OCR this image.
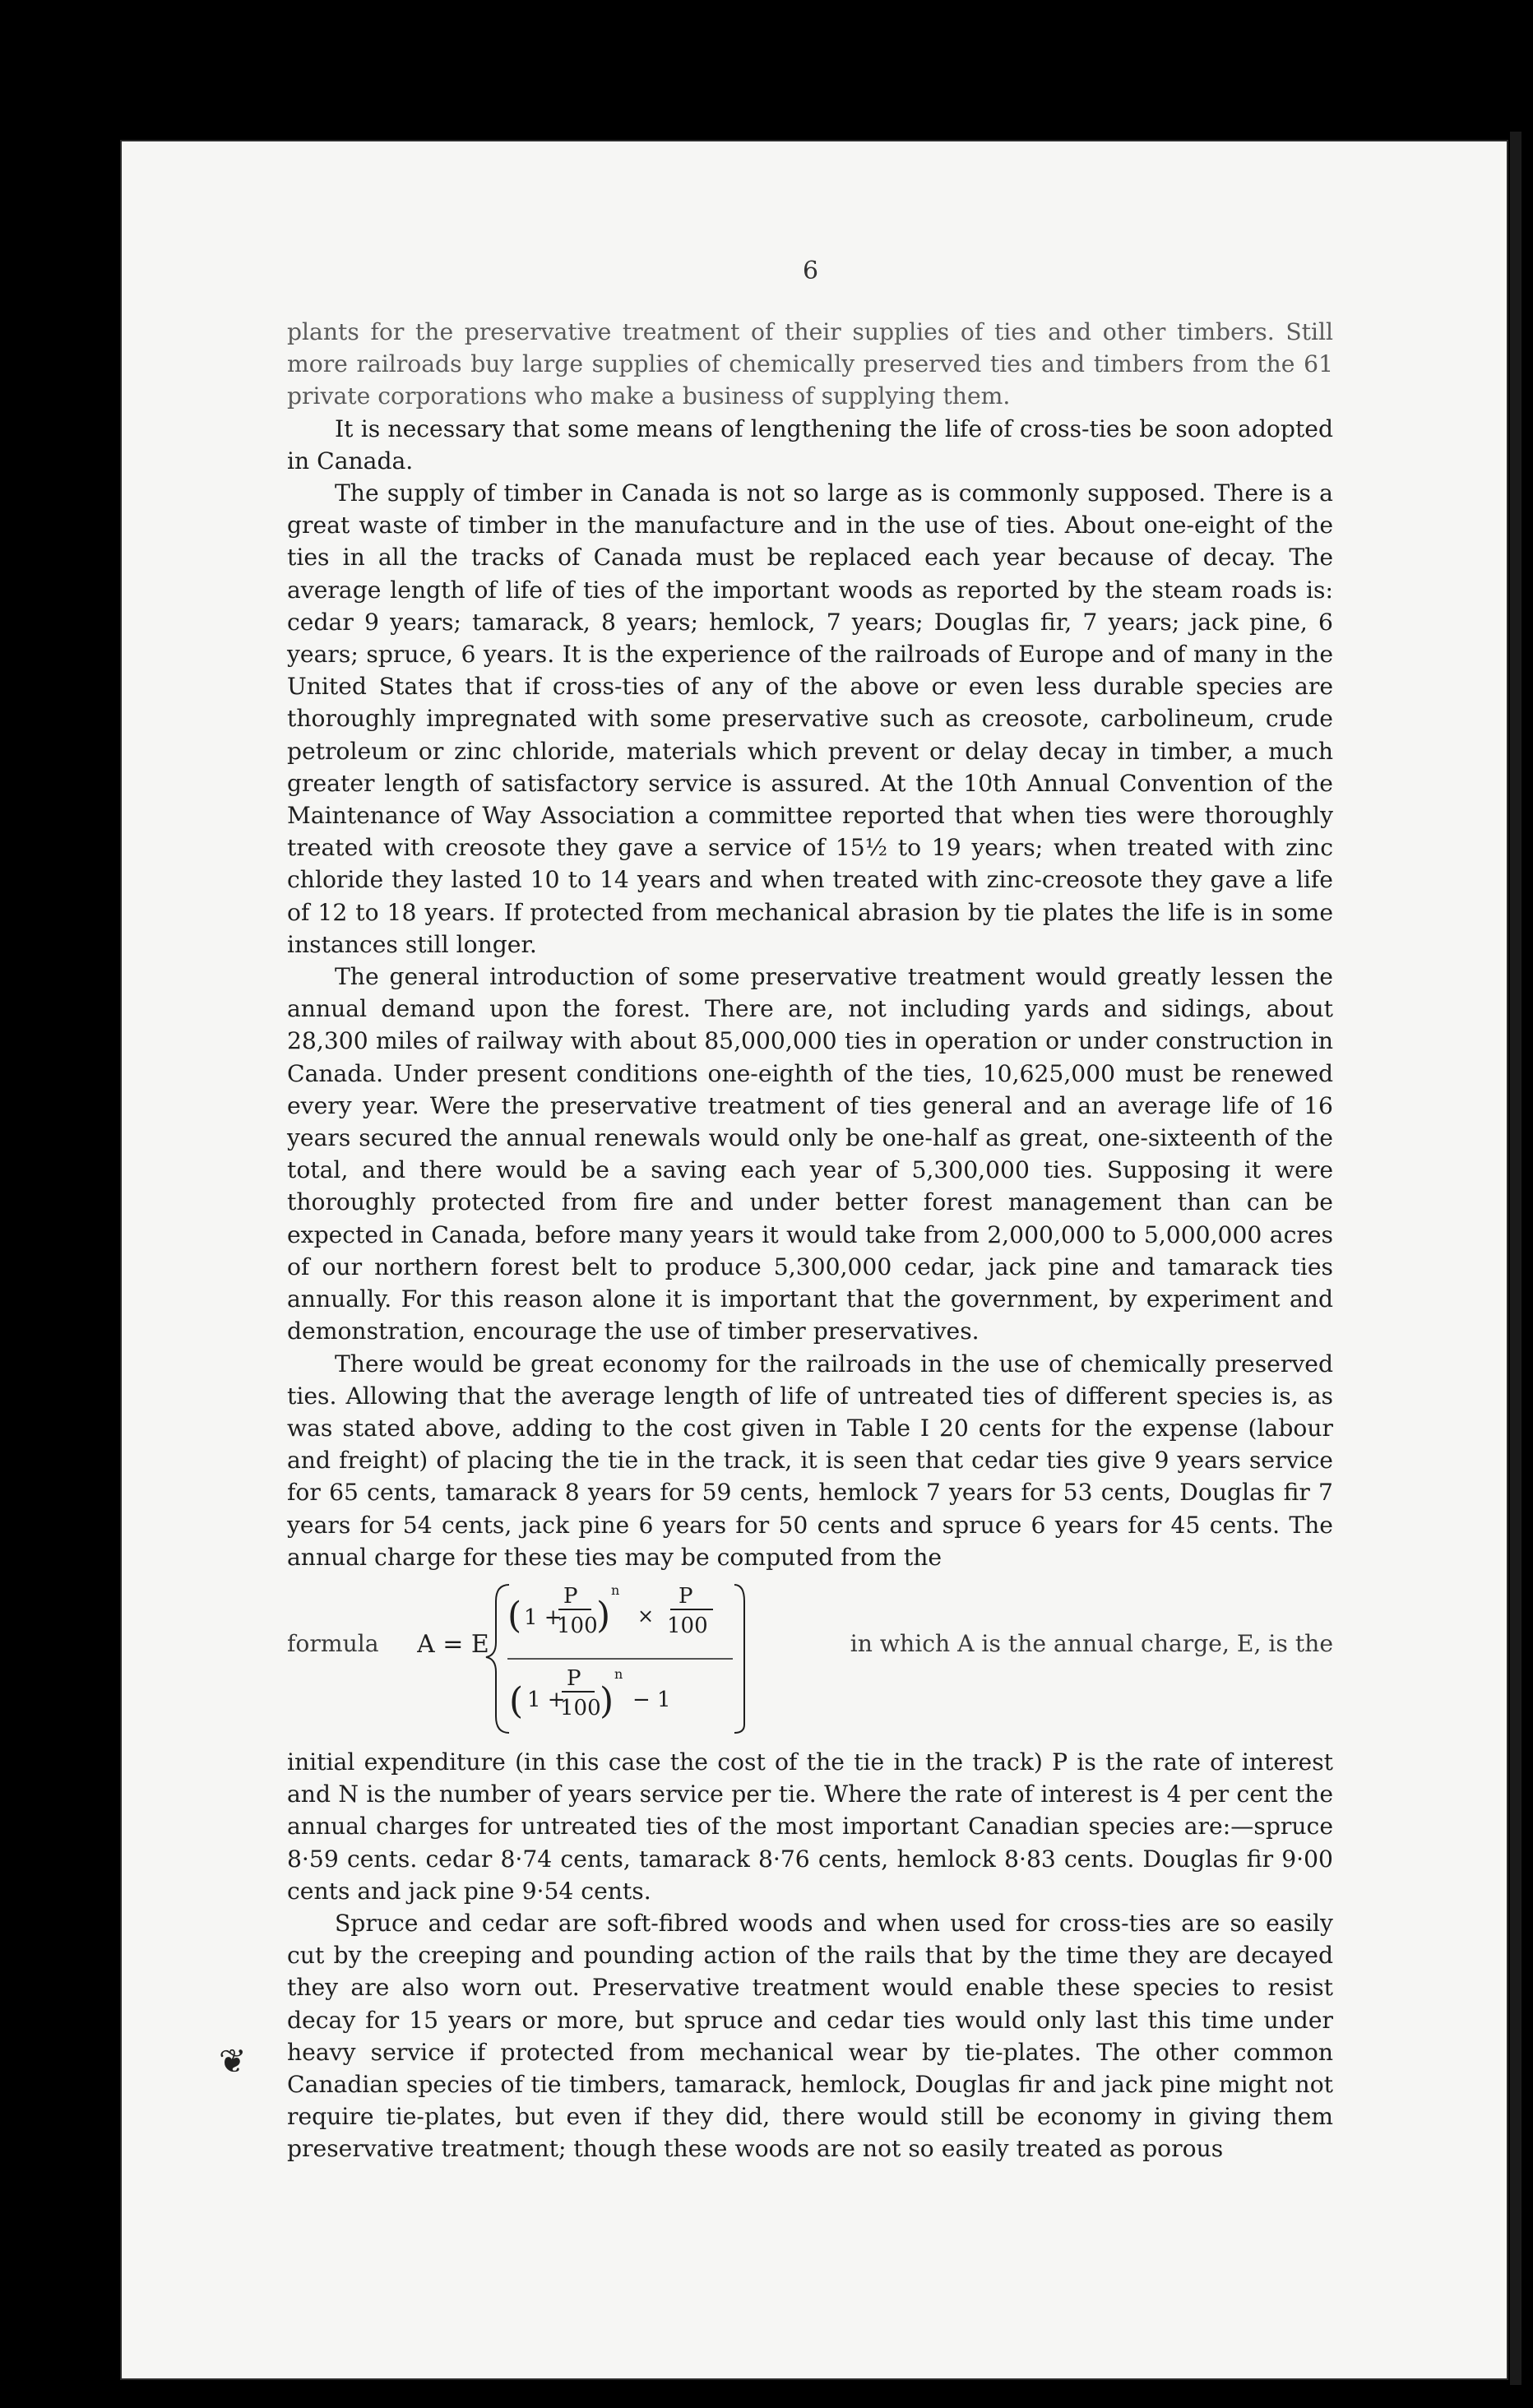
6

plants for the preservative treatment of their supplies of ties and other timbers. Still more railroads buy large supplies of chemically preserved ties and timbers from the 61 private corporations who make a business of supplying them.

It is necessary that some means of lengthening the life of cross-ties be soon adopted in Canada.

The supply of timber in Canada is not so large as is commonly supposed. There is a great waste of timber in the manufacture and in the use of ties. About one-eight of the ties in all the tracks of Canada must be replaced each year because of decay. The average length of life of ties of the important woods as reported by the steam roads is: cedar 9 years; tamarack, 8 years; hemlock, 7 years; Douglas fir, 7 years; jack pine, 6 years; spruce, 6 years. It is the experience of the railroads of Europe and of many in the United States that if cross-ties of any of the above or even less durable species are thoroughly impregnated with some preservative such as creosote, carbolineum, crude petroleum or zinc chloride, materials which prevent or delay decay in timber, a much greater length of satisfactory service is assured. At the 10th Annual Convention of the Maintenance of Way Association a committee reported that when ties were thoroughly treated with creosote they gave a service of 15½ to 19 years; when treated with zinc chloride they lasted 10 to 14 years and when treated with zinc-creosote they gave a life of 12 to 18 years. If protected from mechanical abrasion by tie plates the life is in some instances still longer.

The general introduction of some preservative treatment would greatly lessen the annual demand upon the forest. There are, not including yards and sidings, about 28,300 miles of railway with about 85,000,000 ties in operation or under construction in Canada. Under present conditions one-eighth of the ties, 10,625,000 must be renewed every year. Were the preservative treatment of ties general and an average life of 16 years secured the annual renewals would only be one-half as great, one-sixteenth of the total, and there would be a saving each year of 5,300,000 ties. Supposing it were thoroughly protected from fire and under better forest management than can be expected in Canada, before many years it would take from 2,000,000 to 5,000,000 acres of our northern forest belt to produce 5,300,000 cedar, jack pine and tamarack ties annually. For this reason alone it is important that the government, by experiment and demonstration, encourage the use of timber preservatives.

There would be great economy for the railroads in the use of chemically preserved ties. Allowing that the average length of life of untreated ties of different species is, as was stated above, adding to the cost given in Table I 20 cents for the expense (labour and freight) of placing the tie in the track, it is seen that cedar ties give 9 years service for 65 cents, tamarack 8 years for 59 cents, hemlock 7 years for 53 cents, Douglas fir 7 years for 54 cents, jack pine 6 years for 50 cents and spruce 6 years for 45 cents. The annual charge for these ties may be computed from the

formula A = E
( 1 +
P
100
)
n
×
P
100
( 1 +
P
100
)
n
− 1
in which A is the annual charge, E, is the

initial expenditure (in this case the cost of the tie in the track) P is the rate of interest and N is the number of years service per tie. Where the rate of interest is 4 per cent the annual charges for untreated ties of the most important Canadian species are:—spruce 8·59 cents. cedar 8·74 cents, tamarack 8·76 cents, hemlock 8·83 cents. Douglas fir 9·00 cents and jack pine 9·54 cents.

Spruce and cedar are soft-fibred woods and when used for cross-ties are so easily cut by the creeping and pounding action of the rails that by the time they are decayed they are also worn out. Preservative treatment would enable these species to resist decay for 15 years or more, but spruce and cedar ties would only last this time under heavy service if protected from mechanical wear by tie-plates. The other common Canadian species of tie timbers, tamarack, hemlock, Douglas fir and jack pine might not require tie-plates, but even if they did, there would still be economy in giving them preservative treatment; though these woods are not so easily treated as porous

❦
